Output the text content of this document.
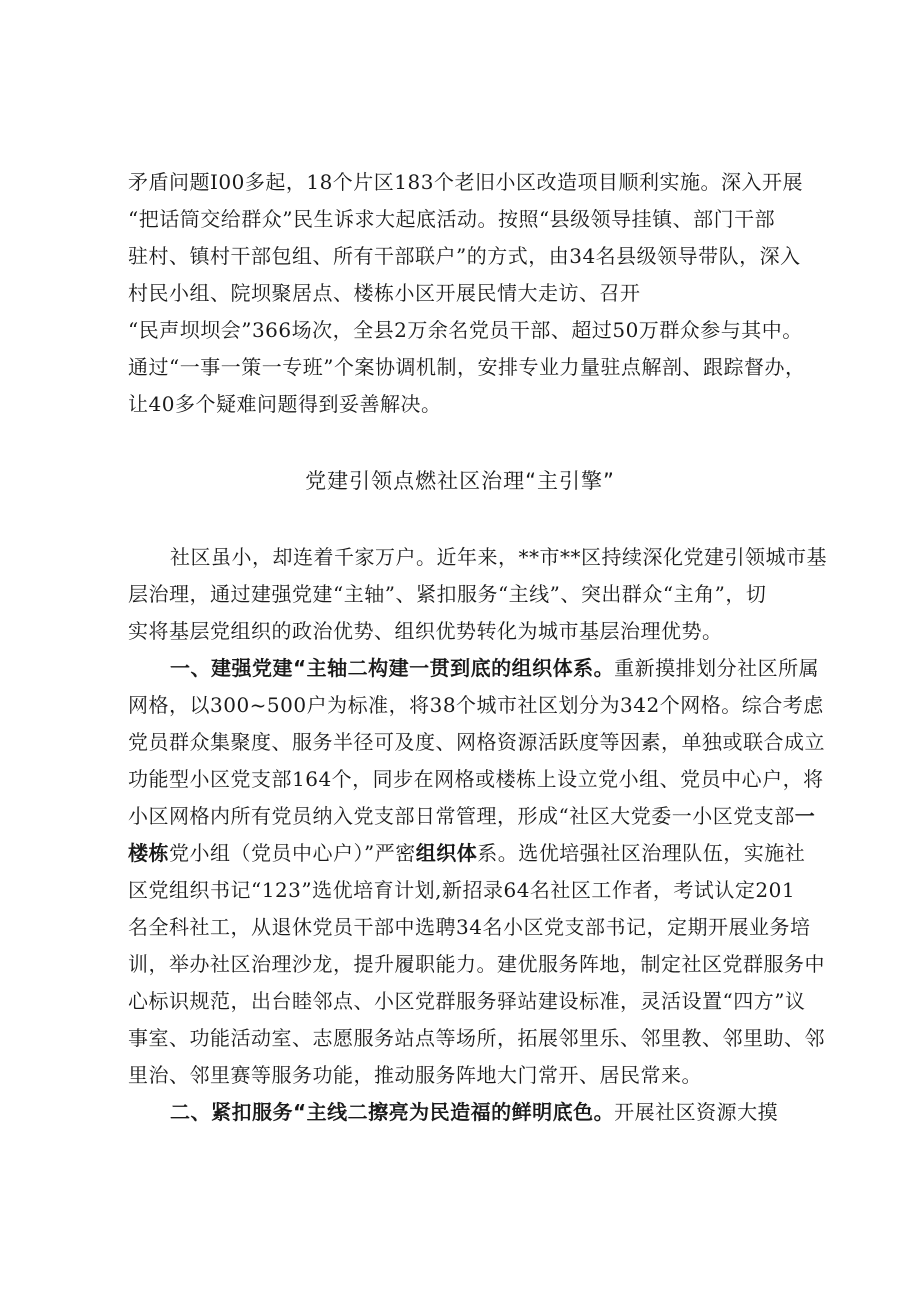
矛盾问题I00多起，18个片区183个老旧小区改造项目顺利实施。深入开展
“把话筒交给群众”民生诉求大起底活动。按照“县级领导挂镇、部门干部
驻村、镇村干部包组、所有干部联户”的方式，由34名县级领导带队，深入
村民小组、院坝聚居点、楼栋小区开展民情大走访、召开
“民声坝坝会”366场次，全县2万余名党员干部、超过50万群众参与其中。
通过“一事一策一专班”个案协调机制，安排专业力量驻点解剖、跟踪督办，
让40多个疑难问题得到妥善解决。
党建引领点燃社区治理“主引擎”
社区虽小，却连着千家万户。近年来，**市**区持续深化党建引领城市基
层治理，通过建强党建“主轴”、紧扣服务“主线”、突出群众“主角”，切
实将基层党组织的政治优势、组织优势转化为城市基层治理优势。
一、建强党建“主轴二构建一贯到底的组织体系。重新摸排划分社区所属
网格，以300~500户为标准，将38个城市社区划分为342个网格。综合考虑
党员群众集聚度、服务半径可及度、网格资源活跃度等因素，单独或联合成立
功能型小区党支部164个，同步在网格或楼栋上设立党小组、党员中心户，将
小区网格内所有党员纳入党支部日常管理，形成“社区大党委一小区党支部一
楼栋党小组（党员中心户）”严密组织体系。选优培强社区治理队伍，实施社
区党组织书记“123”选优培育计划,新招录64名社区工作者，考试认定201
名全科社工，从退休党员干部中选聘34名小区党支部书记，定期开展业务培
训，举办社区治理沙龙，提升履职能力。建优服务阵地，制定社区党群服务中
心标识规范，出台睦邻点、小区党群服务驿站建设标准，灵活设置“四方”议
事室、功能活动室、志愿服务站点等场所，拓展邻里乐、邻里教、邻里助、邻
里治、邻里赛等服务功能，推动服务阵地大门常开、居民常来。
二、紧扣服务“主线二擦亮为民造福的鲜明底色。开展社区资源大摸
